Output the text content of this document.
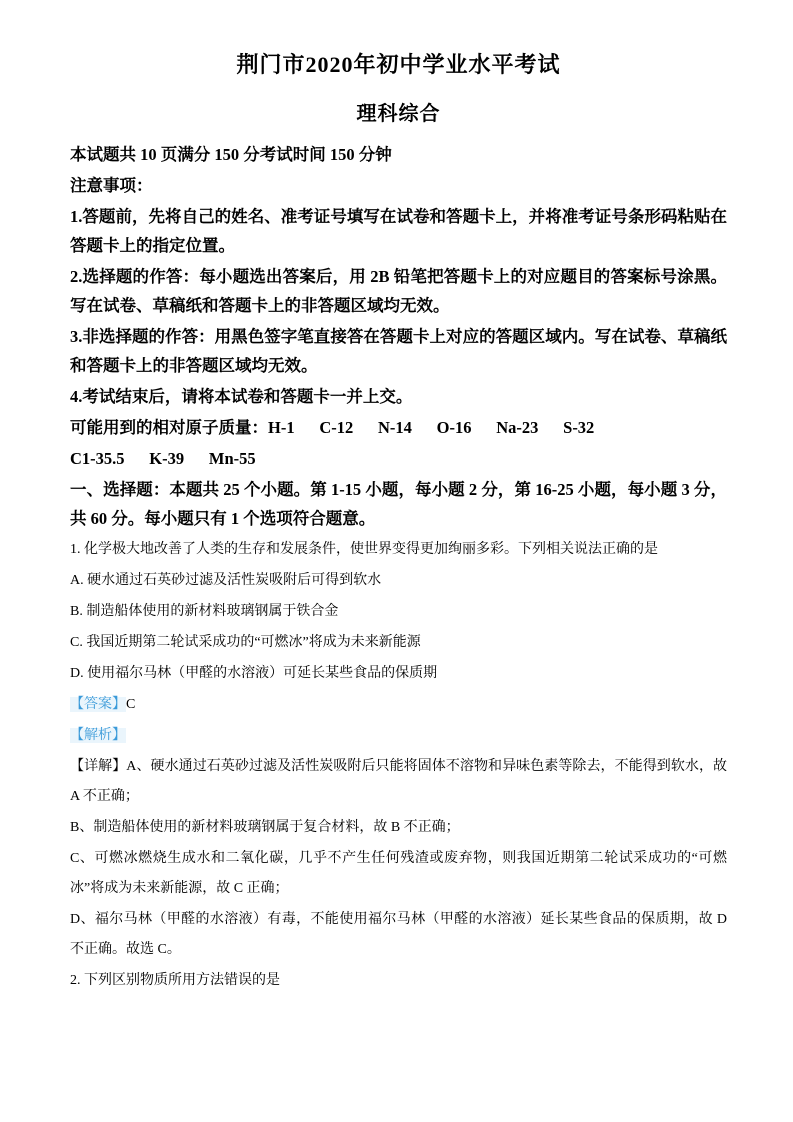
荆门市2020年初中学业水平考试
理科综合

本试题共 10 页满分 150 分考试时间 150 分钟

注意事项：

1.答题前，先将自己的姓名、准考证号填写在试卷和答题卡上，并将准考证号条形码粘贴在答题卡上的指定位置。

2.选择题的作答：每小题选出答案后，用 2B 铅笔把答题卡上的对应题目的答案标号涂黑。写在试卷、草稿纸和答题卡上的非答题区域均无效。

3.非选择题的作答：用黑色签字笔直接答在答题卡上对应的答题区域内。写在试卷、草稿纸和答题卡上的非答题区域均无效。

4.考试结束后，请将本试卷和答题卡一并上交。

可能用到的相对原子质量：H-1      C-12      N-14      O-16      Na-23      S-32

C1-35.5      K-39      Mn-55

一、选择题：本题共 25 个小题。第 1-15 小题，每小题 2 分，第 16-25 小题，每小题 3 分，共 60 分。每小题只有 1 个选项符合题意。

1. 化学极大地改善了人类的生存和发展条件，使世界变得更加绚丽多彩。下列相关说法正确的是

A. 硬水通过石英砂过滤及活性炭吸附后可得到软水

B. 制造船体使用的新材料玻璃钢属于铁合金

C. 我国近期第二轮试采成功的“可燃冰”将成为未来新能源

D. 使用福尔马林（甲醛的水溶液）可延长某些食品的保质期

【答案】C

【解析】

【详解】A、硬水通过石英砂过滤及活性炭吸附后只能将固体不溶物和异味色素等除去，不能得到软水，故 A 不正确；

B、制造船体使用的新材料玻璃钢属于复合材料，故 B 不正确；

C、可燃冰燃烧生成水和二氧化碳，几乎不产生任何残渣或废弃物，则我国近期第二轮试采成功的“可燃冰”将成为未来新能源，故 C 正确；

D、福尔马林（甲醛的水溶液）有毒，不能使用福尔马林（甲醛的水溶液）延长某些食品的保质期，故 D 不正确。故选 C。

2. 下列区别物质所用方法错误的是
